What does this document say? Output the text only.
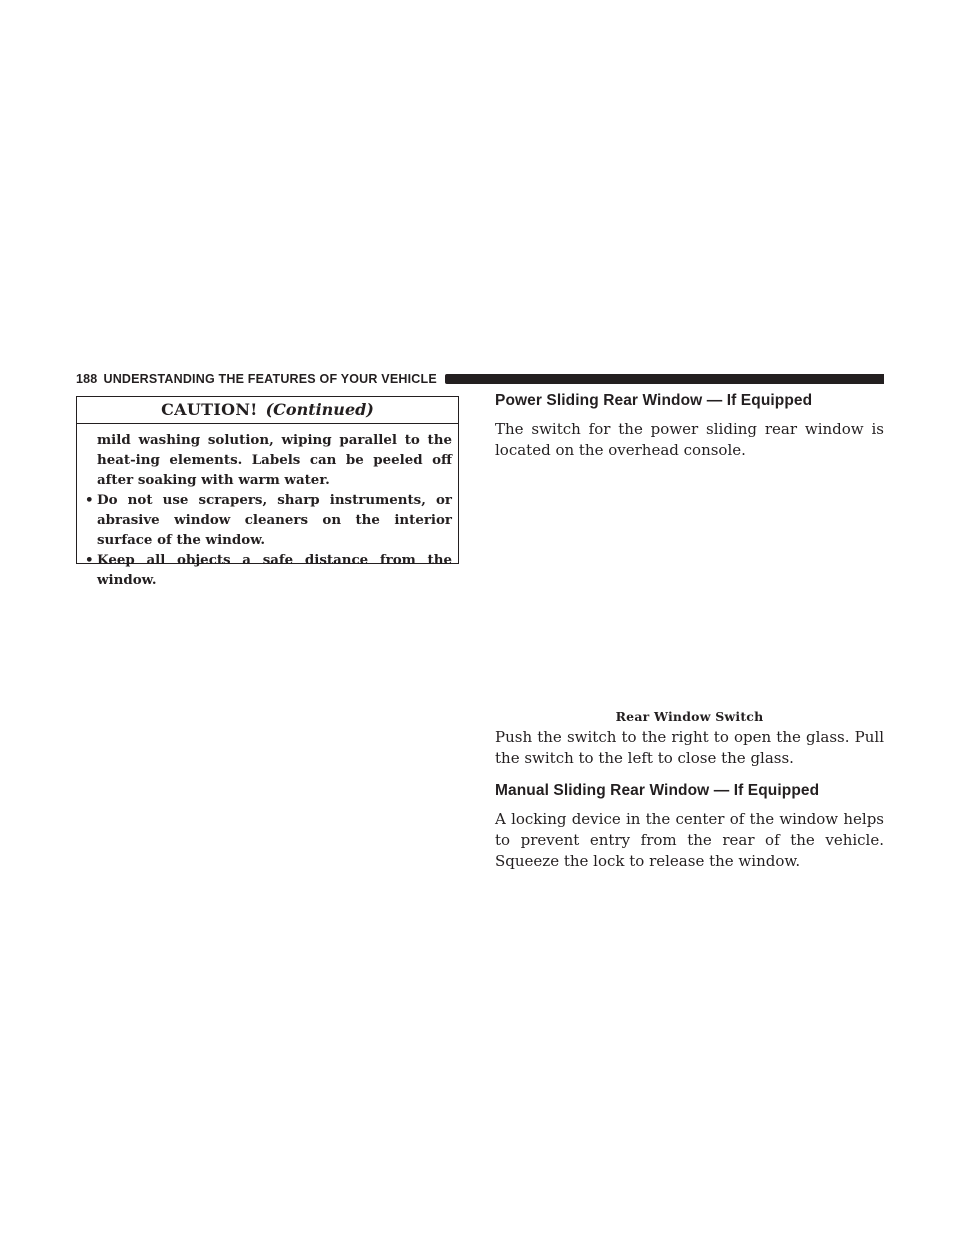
188 UNDERSTANDING THE FEATURES OF YOUR VEHICLE
CAUTION! (Continued)

mild washing solution, wiping parallel to the heat-ing elements. Labels can be peeled off after soaking with warm water.

• Do not use scrapers, sharp instruments, or abrasive window cleaners on the interior surface of the window.
• Keep all objects a safe distance from the window.
Power Sliding Rear Window — If Equipped

The switch for the power sliding rear window is located on the overhead console.

Rear Window Switch

Push the switch to the right to open the glass. Pull the switch to the left to close the glass.

Manual Sliding Rear Window — If Equipped

A locking device in the center of the window helps to prevent entry from the rear of the vehicle. Squeeze the lock to release the window.
